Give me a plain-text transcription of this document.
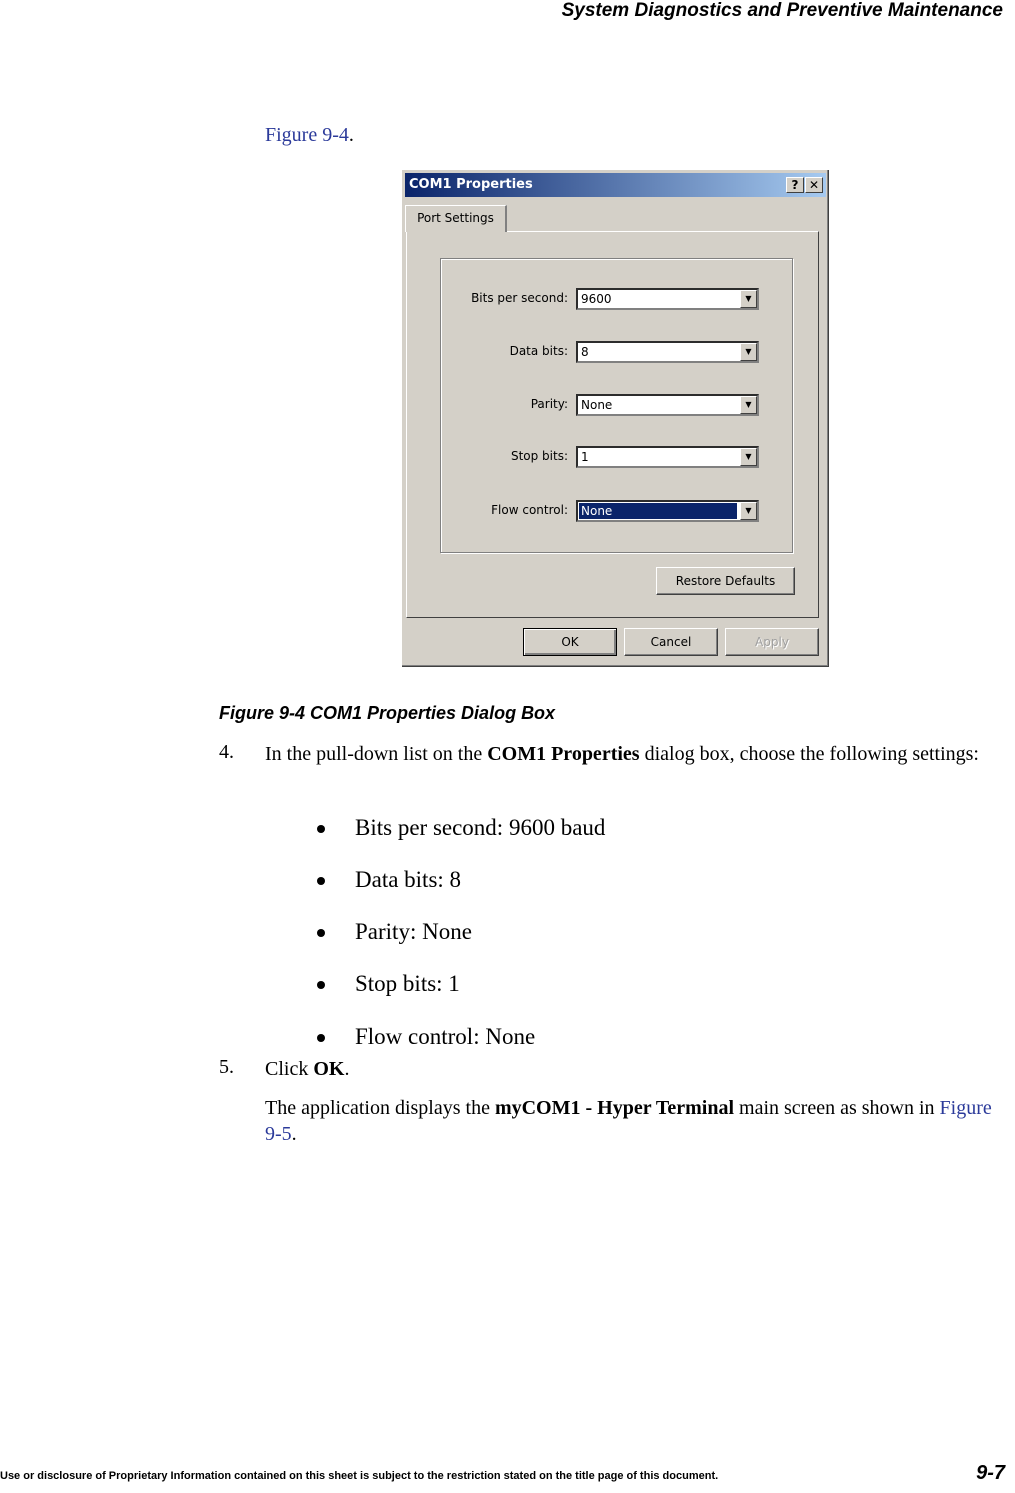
System Diagnostics and Preventive Maintenance
Figure 9-4.
COM1 Properties	? ✕
Port Settings
Bits per second: 9600	▼
Data bits: 8	▼
Parity: None	▼
Stop bits: 1	▼
Flow control: None	▼
Restore Defaults
OK	Cancel	Apply
Figure 9-4 COM1 Properties Dialog Box
4. In the pull-down list on the COM1 Properties dialog box, choose the following settings:
Bits per second: 9600 baud
Data bits: 8
Parity: None
Stop bits: 1
Flow control: None
5. Click OK.
The application displays the myCOM1 - Hyper Terminal main screen as shown in Figure 9-5.
Use or disclosure of Proprietary Information contained on this sheet is subject to the restriction stated on the title page of this document.	9-7
